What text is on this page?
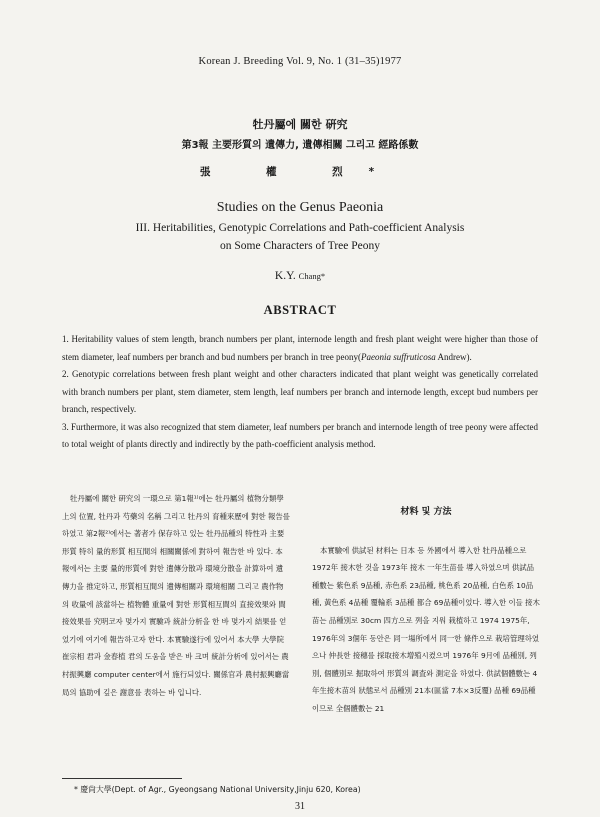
Korean J. Breeding Vol. 9, No. 1 (31–35)1977
牡丹屬에 關한 硏究
第3報 主要形質의 遺傳力, 遺傳相關 그리고 經路係數
張 權 烈*
Studies on the Genus Paeonia
III. Heritabilities, Genotypic Correlations and Path-coefficient Analysis
on Some Characters of Tree Peony
K.Y. Chang*
ABSTRACT

1. Heritability values of stem length, branch numbers per plant, internode length and fresh plant weight were higher than those of stem diameter, leaf numbers per branch and bud numbers per branch in tree peony(Paeonia suffruticosa Andrew).

2. Genotypic correlations between fresh plant weight and other characters indicated that plant weight was genetically correlated with branch numbers per plant, stem diameter, stem length, leaf numbers per branch and internode length, except bud numbers per branch, respectively.

3. Furthermore, it was also recognized that stem diameter, leaf numbers per branch and internode length of tree peony were affected to total weight of plants directly and indirectly by the path-coefficient analysis method.

牡丹屬에 關한 硏究의 一環으로 第1報¹⁾에는 牡丹屬의 植物分類學上의 位置, 牡丹과 芍藥의 名稱 그리고 牡丹의 育種來歷에 對한 報告를 하였고 第2報²⁾에서는 著者가 保存하고 있는 牡丹品種의 特性과 主要形質 特히 量的形質 相互間의 相關關係에 對하여 報告한 바 있다. 本報에서는 主要 量的形質에 對한 遺傳分散과 環境分散을 計算하여 遺傳力을 推定하고, 形質相互間의 遺傳相關과 環境相關 그리고 農作物의 收量에 該當하는 植物體 重量에 對한 形質相互間의 直接效果와 間接效果를 究明코자 몇가지 實驗과 統計分析을 한 바 몇가지 結果를 얻었기에 여기에 報告하고자 한다. 本實驗遂行에 있어서 本大學 大學院 崔宗相 君과 金春植 君의 도움을 받은 바 크며 統計分析에 있어서는 農村振興廳 computer center에서 施行되었다. 關係官과 農村振興廳當局의 協助에 깊은 謝意를 表하는 바 입니다.

材料 및 方法

本實驗에 供試된 材料는 日本 등 外國에서 導入한 牡丹品種으로 1972年 接木한 것을 1973年 接木 一年生苗를 導入하였으며 供試品種數는 紫色系 9品種, 赤色系 23品種, 桃色系 20品種, 白色系 10品種, 黃色系 4品種 覆輪系 3品種 都合 69品種이었다. 導入한 이들 接木苗는 品種別로 30cm 四方으로 列을 지워 栽植하고 1974 1975年, 1976年의 3個年 동안은 同一場所에서 同一한 條件으로 栽培管理하였으나 仲長한 接穗를 採取接木增殖시켰으며 1976年 9月에 品種別, 列別, 個體別로 掘取하여 形質의 調査와 測定을 하였다. 供試個體數는 4年生接木苗의 狀態로서 品種別 21本(區當 7本×3反覆) 品種 69品種이므로 全個體數는 21

* 慶尙大學(Dept. of Agr., Gyeongsang National University,Jinju 620, Korea)
31
